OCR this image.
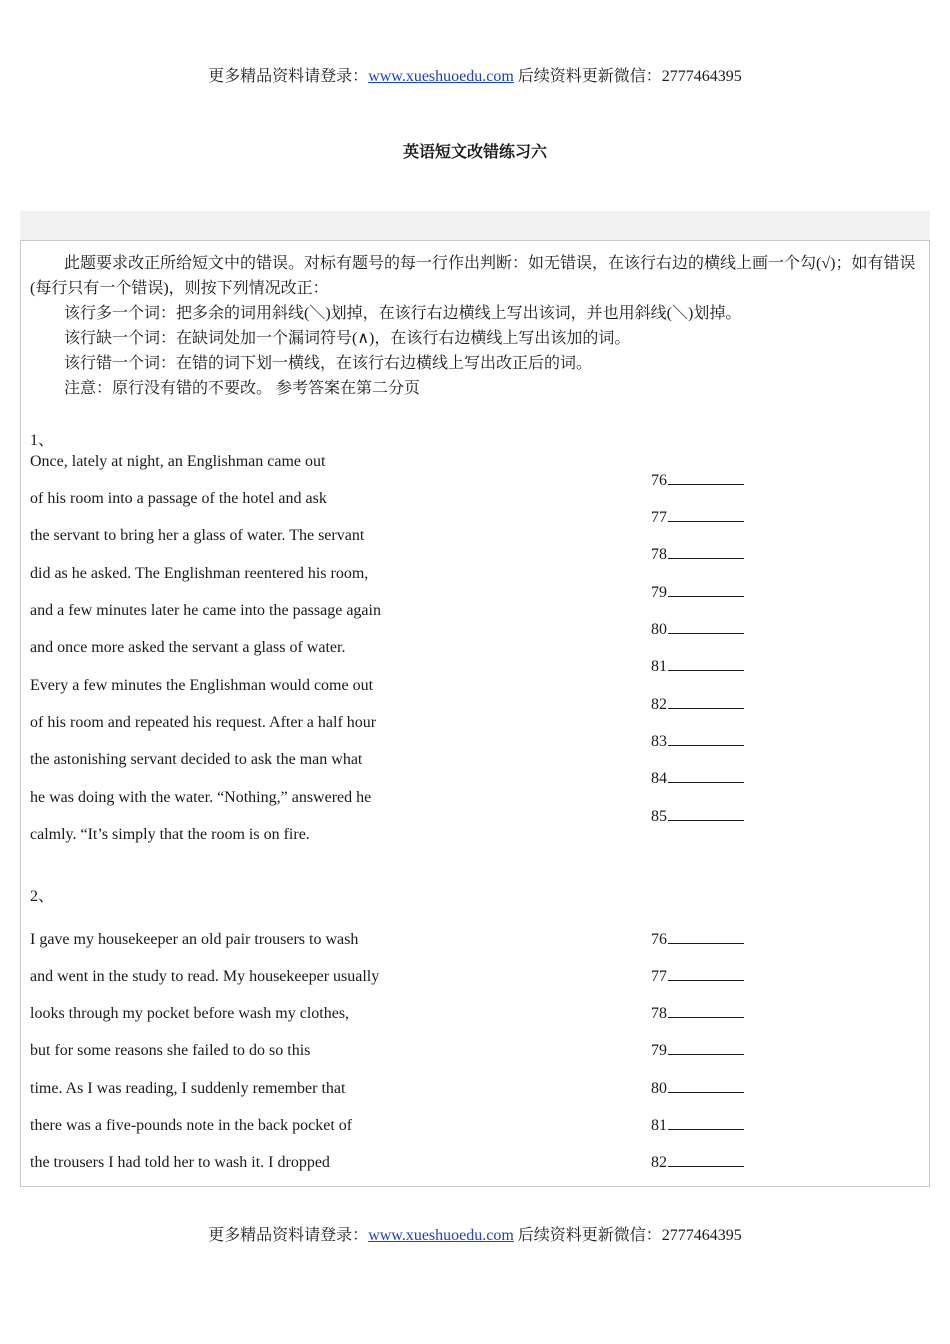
更多精品资料请登录：www.xueshuoedu.com 后续资料更新微信：2777464395
英语短文改错练习六
此题要求改正所给短文中的错误。对标有题号的每一行作出判断：如无错误，在该行右边的横线上画一个勾(√)；如有错误(每行只有一个错误)，则按下列情况改正：
该行多一个词：把多余的词用斜线(＼)划掉，在该行右边横线上写出该词，并也用斜线(＼)划掉。
该行缺一个词：在缺词处加一个漏词符号(∧)，在该行右边横线上写出该加的词。
该行错一个词：在错的词下划一横线，在该行右边横线上写出改正后的词。
注意：原行没有错的不要改。 参考答案在第二分页
1、
Once, lately at night, an Englishman came out
of his room into a passage of the hotel and ask
the servant to bring her a glass of water. The servant
did as he asked. The Englishman reentered his room,
and a few minutes later he came into the passage again
and once more asked the servant a glass of water.
Every a few minutes the Englishman would come out
of his room and repeated his request. After a half hour
the astonishing servant decided to ask the man what
he was doing with the water. “Nothing,” answered he
calmly. “It’s simply that the room is on fire.
76
77
78
79
80
81
82
83
84
85
2、
I gave my housekeeper an old pair trousers to wash
and went in the study to read. My housekeeper usually
looks through my pocket before wash my clothes,
but for some reasons she failed to do so this
time. As I was reading, I suddenly remember that
there was a five-pounds note in the back pocket of
the trousers I had told her to wash it. I dropped
76
77
78
79
80
81
82
更多精品资料请登录：www.xueshuoedu.com 后续资料更新微信：2777464395
